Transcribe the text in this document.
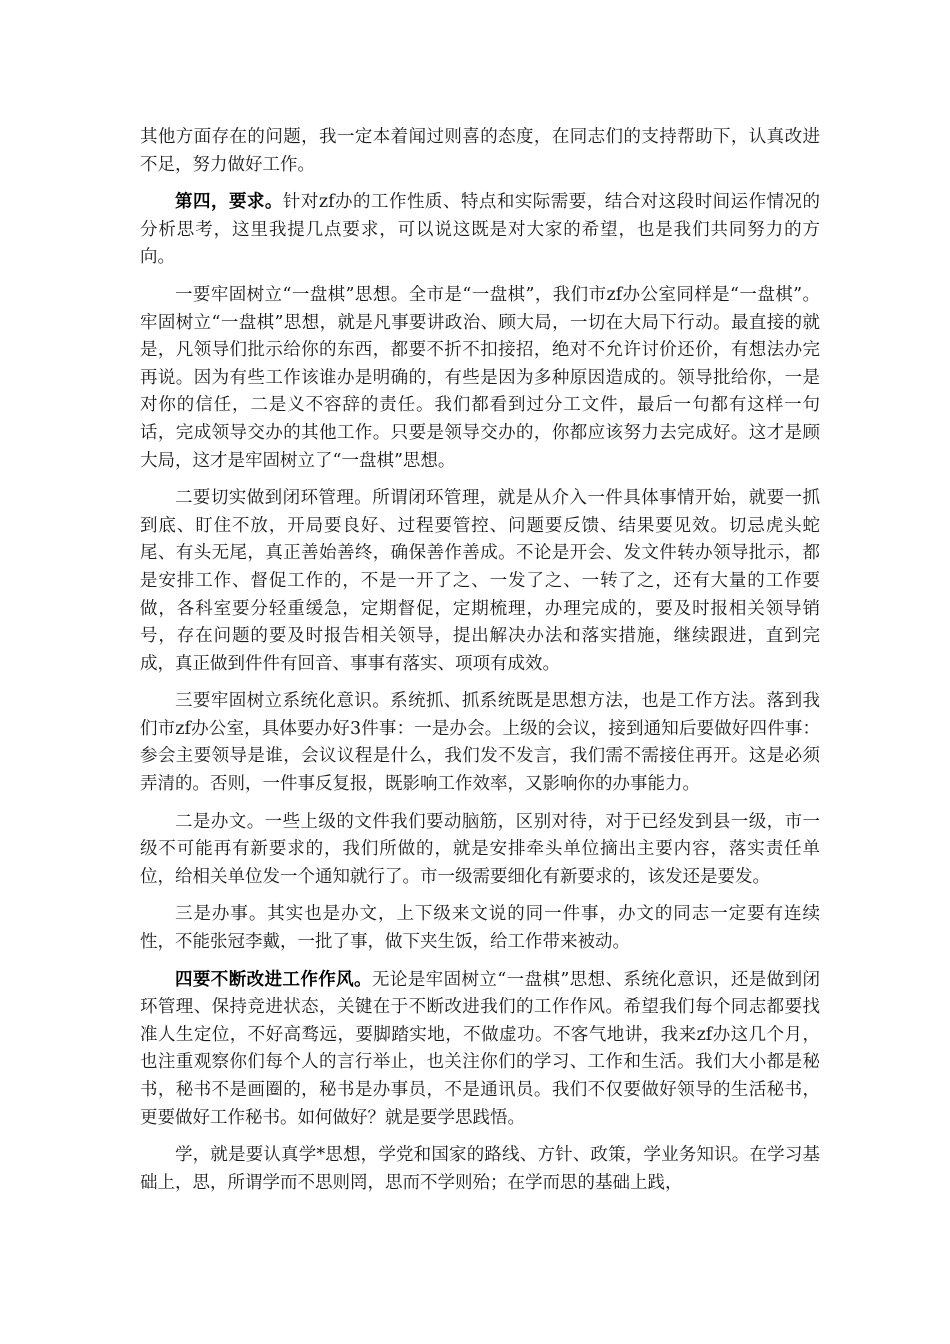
其他方面存在的问题，我一定本着闻过则喜的态度，在同志们的支持帮助下，认真改进不足，努力做好工作。

第四，要求。针对zf办的工作性质、特点和实际需要，结合对这段时间运作情况的分析思考，这里我提几点要求，可以说这既是对大家的希望，也是我们共同努力的方向。

一要牢固树立“一盘棋”思想。全市是“一盘棋”，我们市zf办公室同样是“一盘棋”。牢固树立“一盘棋”思想，就是凡事要讲政治、顾大局，一切在大局下行动。最直接的就是，凡领导们批示给你的东西，都要不折不扣接招，绝对不允许讨价还价，有想法办完再说。因为有些工作该谁办是明确的，有些是因为多种原因造成的。领导批给你，一是对你的信任，二是义不容辞的责任。我们都看到过分工文件，最后一句都有这样一句话，完成领导交办的其他工作。只要是领导交办的，你都应该努力去完成好。这才是顾大局，这才是牢固树立了“一盘棋”思想。

二要切实做到闭环管理。所谓闭环管理，就是从介入一件具体事情开始，就要一抓到底、盯住不放，开局要良好、过程要管控、问题要反馈、结果要见效。切忌虎头蛇尾、有头无尾，真正善始善终，确保善作善成。不论是开会、发文件转办领导批示，都是安排工作、督促工作的，不是一开了之、一发了之、一转了之，还有大量的工作要做，各科室要分轻重缓急，定期督促，定期梳理，办理完成的，要及时报相关领导销号，存在问题的要及时报告相关领导，提出解决办法和落实措施，继续跟进，直到完成，真正做到件件有回音、事事有落实、项项有成效。

三要牢固树立系统化意识。系统抓、抓系统既是思想方法，也是工作方法。落到我们市zf办公室，具体要办好3件事：一是办会。上级的会议，接到通知后要做好四件事：参会主要领导是谁，会议议程是什么，我们发不发言，我们需不需接住再开。这是必须弄清的。否则，一件事反复报，既影响工作效率，又影响你的办事能力。

二是办文。一些上级的文件我们要动脑筋，区别对待，对于已经发到县一级，市一级不可能再有新要求的，我们所做的，就是安排牵头单位摘出主要内容，落实责任单位，给相关单位发一个通知就行了。市一级需要细化有新要求的，该发还是要发。

三是办事。其实也是办文，上下级来文说的同一件事，办文的同志一定要有连续性，不能张冠李戴，一批了事，做下夹生饭，给工作带来被动。

四要不断改进工作作风。无论是牢固树立“一盘棋”思想、系统化意识，还是做到闭环管理、保持竞进状态，关键在于不断改进我们的工作作风。希望我们每个同志都要找准人生定位，不好高骛远，要脚踏实地，不做虚功。不客气地讲，我来zf办这几个月，也注重观察你们每个人的言行举止，也关注你们的学习、工作和生活。我们大小都是秘书，秘书不是画圈的，秘书是办事员，不是通讯员。我们不仅要做好领导的生活秘书，更要做好工作秘书。如何做好？就是要学思践悟。

学，就是要认真学*思想，学党和国家的路线、方针、政策，学业务知识。在学习基础上，思，所谓学而不思则罔，思而不学则殆；在学而思的基础上践，
